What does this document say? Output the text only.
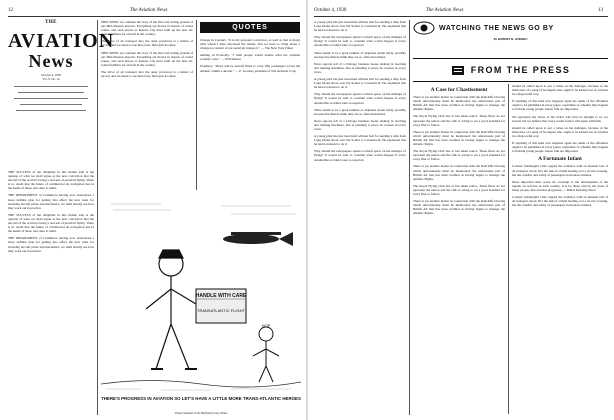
12	The Aviation News
THE
AVIATION
News
October 4, 1930
Vol. V, No. 14

THE SUCCESS of the dirigibles in this Indian trial is the opinion of what we shall argue as the new conviction that the aircraft of the world is facing a real test of practical flying. There is no doubt that the future of commercial air navigation lies in the hands of those who dare to build.

THE DEPARTMENT of Commerce having now announced a more definite plan for getting into effect the new rules for licensing aircraft pilots and mechanics, we shall shortly see how they work out in practice.

THE SUCCESS of the dirigibles in this Indian trial is the opinion of what we shall argue as the new conviction that the aircraft of the world is facing a real test of practical flying. There is no doubt that the future of commercial air navigation lies in the hands of those who dare to build.

THE DEPARTMENT of Commerce having now announced a more definite plan for getting into effect the new rules for licensing aircraft pilots and mechanics, we shall shortly see how they work out in practice.

THIS WEEK we continue the story of the first real testing ground of our Mid-Western airports. Everything yet moves in dozens of varied routes, and such places as Kansas City have built up the best all-round facilities for aircraft in the country.

The drive of air transport into the outer provinces is a matter of record, and we mean to see that every field gets its share.

THIS WEEK we continue the story of the first real testing ground of our Mid-Western airports. Everything yet moves in dozens of varied routes, and such places as Kansas City have built up the best all-round facilities for aircraft in the country.

The drive of air transport into the outer provinces is a matter of record, and we mean to see that every field gets its share.

QUOTES

Change in Conduct. "It is my personal conviction, as well as that of many with whom I have discussed the matter, that we have to bring about a change in conduct of our aerial air transport." — The New York Times

Aiming in Economy. "I wish people would realize what the airplane actually costs." — Will Durant

Prophecy. "There will be aircraft fitted to carry fifty passengers across the Atlantic within a decade." — E. Gordon, president of The Aviation Corp.

HANDLE WITH CARE
TRANSATLANTIC FLIGHT
HOP
THERE'S PROGRESS IN AVIATION SO LET'S HAVE A LITTLE MORE TRANS-ATLANTIC HEROES
Johnny Vandross in the Hartford (Conn.) Times
October 4, 1930	The Aviation News	13

A young pilot has just been held without bail for sending a ship from Long Island shore over the Sound to Connecticut. He explained that he had not meant to do it.

Why should the newspapers spend so much space on the mishaps of flying? It would be well to consider what would happen if every automobile accident were so reported.

There seems to be a great number of airplanes stolen lately, possibly because the thieves think they are so often unwatched.

News reports tell of a Chicago business house dealing in teaching and training machines, that is planning to place its courses in every town.

A young pilot has just been held without bail for sending a ship from Long Island shore over the Sound to Connecticut. He explained that he had not meant to do it.

Why should the newspapers spend so much space on the mishaps of flying? It would be well to consider what would happen if every automobile accident were so reported.

There seems to be a great number of airplanes stolen lately, possibly because the thieves think they are so often unwatched.

News reports tell of a Chicago business house dealing in teaching and training machines, that is planning to place its courses in every town.

A young pilot has just been held without bail for sending a ship from Long Island shore over the Sound to Connecticut. He explained that he had not meant to do it.

Why should the newspapers spend so much space on the mishaps of flying? It would be well to consider what would happen if every automobile accident were so reported.

WATCHING THE NEWS GO BY
By ROBERT R. OSBORN
FROM THE PRESS
A Case for Chastisement

There is yet another matter in connection with the Radcliffe blowing which unfortunately must be mentioned: the unfortunate part of British Air that has been credited as having begun to manage the Atlantic flights.

The Royal Flying Club has at last taken notice. These fliers do not represent the nation and the club is acting to set a good standard for every flier to follow.

There is yet another matter in connection with the Radcliffe blowing which unfortunately must be mentioned: the unfortunate part of British Air that has been credited as having begun to manage the Atlantic flights.

The Royal Flying Club has at last taken notice. These fliers do not represent the nation and the club is acting to set a good standard for every flier to follow.

There is yet another matter in connection with the Radcliffe blowing which unfortunately must be mentioned: the unfortunate part of British Air that has been credited as having begun to manage the Atlantic flights.

The Royal Flying Club has at last taken notice. These fliers do not represent the nation and the club is acting to set a good standard for every flier to follow.

There is yet another matter in connection with the Radcliffe blowing which unfortunately must be mentioned: the unfortunate part of British Air that has been credited as having begun to manage the Atlantic flights.

should be called upon to put a value on the damages, because of the behaviour of a gang of hooligans who ought to be kicked out of aviation in a disgraceful way.

If anything of this kind ever happens again the name of the offenders ought to be published in every paper, regardless of whether they happen to include young people whose folk are important.

We reproduce the views of the writer who may be thought to be too severe; but we believe that every sound aviator will agree with him.

should be called upon to put a value on the damages, because of the behaviour of a gang of hooligans who ought to be kicked out of aviation in a disgraceful way.

If anything of this kind ever happens again the name of the offenders ought to be published in every paper, regardless of whether they happen to include young people whose folk are important.

A Fortunate Infant

Colonel Lindbergh's table topped the evidence with an unusual tale of air transport travel. Not the risk of a blind landing, not a record crossing, but the comfort and safety of passengers in modern airliners.

More important than ocean air crossings is the development of the regular air services in each country. It is by these, and by the work of many people, that aviation progresses — Dallas Morning News

Colonel Lindbergh's table topped the evidence with an unusual tale of air transport travel. Not the risk of a blind landing, not a record crossing, but the comfort and safety of passengers in modern airliners.
